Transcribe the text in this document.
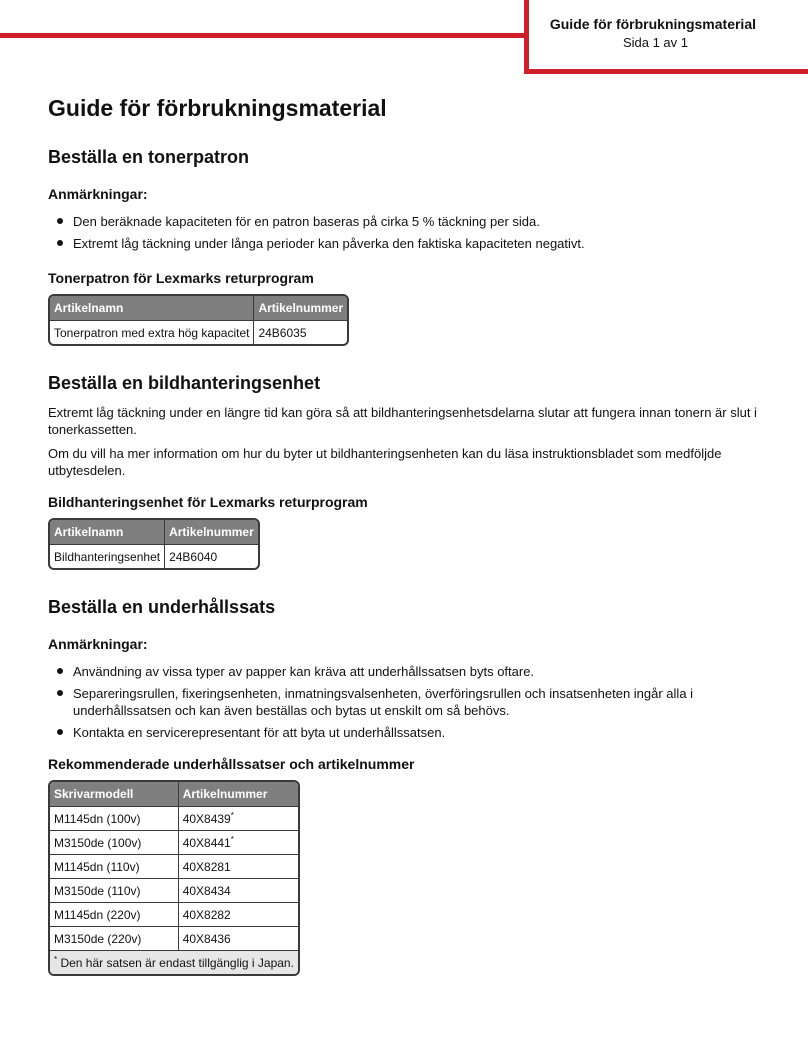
Guide för förbrukningsmaterial
Sida 1 av 1
Guide för förbrukningsmaterial
Beställa en tonerpatron
Anmärkningar:
Den beräknade kapaciteten för en patron baseras på cirka 5 % täckning per sida.
Extremt låg täckning under långa perioder kan påverka den faktiska kapaciteten negativt.
Tonerpatron för Lexmarks returprogram
Artikelnamn	Artikelnummer
Tonerpatron med extra hög kapacitet	24B6035
Beställa en bildhanteringsenhet

Extremt låg täckning under en längre tid kan göra så att bildhanteringsenhetsdelarna slutar att fungera innan tonern är slut i tonerkassetten.

Om du vill ha mer information om hur du byter ut bildhanteringsenheten kan du läsa instruktionsbladet som medföljde utbytesdelen.

Bildhanteringsenhet för Lexmarks returprogram
Artikelnamn	Artikelnummer
Bildhanteringsenhet	24B6040
Beställa en underhållssats
Anmärkningar:
Användning av vissa typer av papper kan kräva att underhållssatsen byts oftare.
Separeringsrullen, fixeringsenheten, inmatningsvalsenheten, överföringsrullen och insatsenheten ingår alla i underhållssatsen och kan även beställas och bytas ut enskilt om så behövs.
Kontakta en servicerepresentant för att byta ut underhållssatsen.
Rekommenderade underhållssatser och artikelnummer
Skrivarmodell	Artikelnummer
M1145dn (100v)	40X8439*
M3150de (100v)	40X8441*
M1145dn (110v)	40X8281
M3150de (110v)	40X8434
M1145dn (220v)	40X8282
M3150de (220v)	40X8436
* Den här satsen är endast tillgänglig i Japan.	
